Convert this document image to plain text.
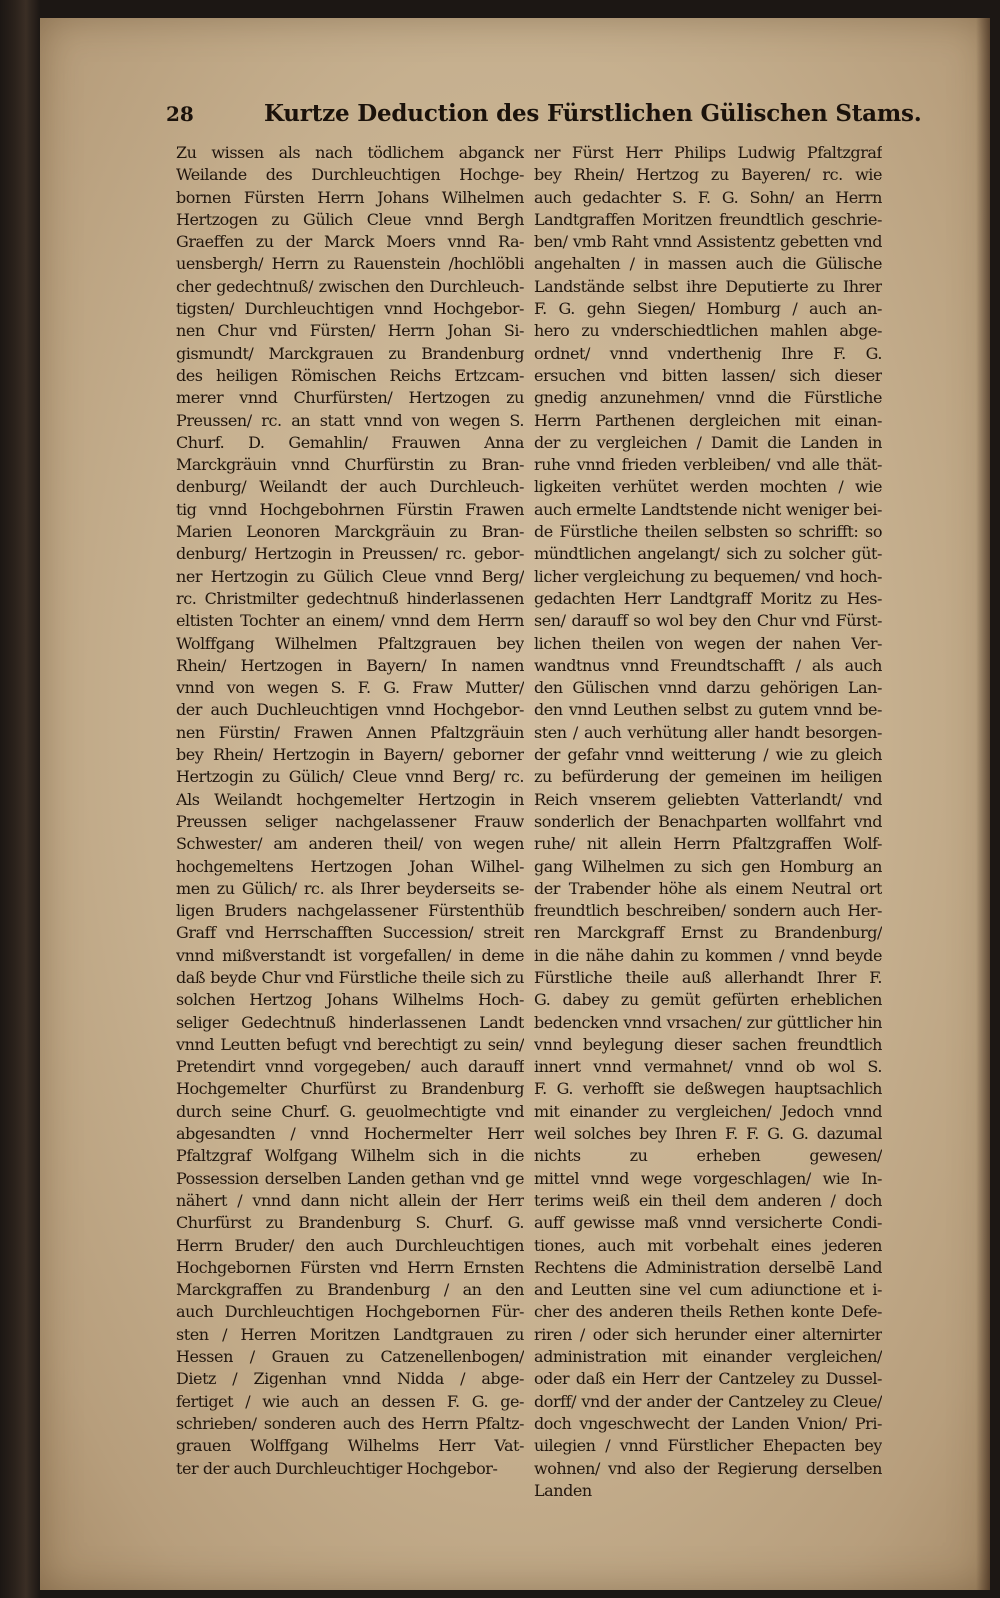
28	Kurtze Deduction des Fürstlichen Gülischen Stams.
Zu wissen als nach tödlichem abganck
Weilande des Durchleuchtigen Hochge-
bornen Fürsten Herrn Johans Wilhelmen
Hertzogen zu Gülich Cleue vnnd Bergh
Graeffen zu der Marck Moers vnnd Ra-
uensbergh/ Herrn zu Rauenstein /hochlöbli
cher gedechtnuß/ zwischen den Durchleuch-
tigsten/ Durchleuchtigen vnnd Hochgebor-
nen Chur vnd Fürsten/ Herrn Johan Si-
gismundt/ Marckgrauen zu Brandenburg
des heiligen Römischen Reichs Ertzcam-
merer vnnd Churfürsten/ Hertzogen zu
Preussen/ rc. an statt vnnd von wegen S.
Churf. D. Gemahlin/ Frauwen Anna
Marckgräuin vnnd Churfürstin zu Bran-
denburg/ Weilandt der auch Durchleuch-
tig vnnd Hochgebohrnen Fürstin Frawen
Marien Leonoren Marckgräuin zu Bran-
denburg/ Hertzogin in Preussen/ rc. gebor-
ner Hertzogin zu Gülich Cleue vnnd Berg/
rc. Christmilter gedechtnuß hinderlassenen
eltisten Tochter an einem/ vnnd dem Herrn
Wolffgang Wilhelmen Pfaltzgrauen bey
Rhein/ Hertzogen in Bayern/ In namen
vnnd von wegen S. F. G. Fraw Mutter/
der auch Duchleuchtigen vnnd Hochgebor-
nen Fürstin/ Frawen Annen Pfaltzgräuin
bey Rhein/ Hertzogin in Bayern/ geborner
Hertzogin zu Gülich/ Cleue vnnd Berg/ rc.
Als Weilandt hochgemelter Hertzogin in
Preussen seliger nachgelassener Frauw
Schwester/ am anderen theil/ von wegen
hochgemeltens Hertzogen Johan Wilhel-
men zu Gülich/ rc. als Ihrer beyderseits se-
ligen Bruders nachgelassener Fürstenthüb
Graff vnd Herrschafften Succession/ streit
vnnd mißverstandt ist vorgefallen/ in deme
daß beyde Chur vnd Fürstliche theile sich zu
solchen Hertzog Johans Wilhelms Hoch-
seliger Gedechtnuß hinderlassenen Landt
vnnd Leutten befugt vnd berechtigt zu sein/
Pretendirt vnnd vorgegeben/ auch darauff
Hochgemelter Churfürst zu Brandenburg
durch seine Churf. G. geuolmechtigte vnd
abgesandten / vnnd Hochermelter Herr
Pfaltzgraf Wolfgang Wilhelm sich in die
Possession derselben Landen gethan vnd ge
nähert / vnnd dann nicht allein der Herr
Churfürst zu Brandenburg S. Churf. G.
Herrn Bruder/ den auch Durchleuchtigen
Hochgebornen Fürsten vnd Herrn Ernsten
Marckgraffen zu Brandenburg / an den
auch Durchleuchtigen Hochgebornen Für-
sten / Herren Moritzen Landtgrauen zu
Hessen / Grauen zu Catzenellenbogen/
Dietz / Zigenhan vnnd Nidda / abge-
fertiget / wie auch an dessen F. G. ge-
schrieben/ sonderen auch des Herrn Pfaltz-
grauen Wolffgang Wilhelms Herr Vat-
ter der auch Durchleuchtiger Hochgebor-
ner Fürst Herr Philips Ludwig Pfaltzgraf
bey Rhein/ Hertzog zu Bayeren/ rc. wie
auch gedachter S. F. G. Sohn/ an Herrn
Landtgraffen Moritzen freundtlich geschrie-
ben/ vmb Raht vnnd Assistentz gebetten vnd
angehalten / in massen auch die Gülische
Landstände selbst ihre Deputierte zu Ihrer
F. G. gehn Siegen/ Homburg / auch an-
hero zu vnderschiedtlichen mahlen abge-
ordnet/ vnnd vnderthenig Ihre F. G.
ersuchen vnd bitten lassen/ sich dieser
gnedig anzunehmen/ vnnd die Fürstliche
Herrn Parthenen dergleichen mit einan-
der zu vergleichen / Damit die Landen in
ruhe vnnd frieden verbleiben/ vnd alle thät-
ligkeiten verhütet werden mochten / wie
auch ermelte Landtstende nicht weniger bei-
de Fürstliche theilen selbsten so schrifft: so
mündtlichen angelangt/ sich zu solcher güt-
licher vergleichung zu bequemen/ vnd hoch-
gedachten Herr Landtgraff Moritz zu Hes-
sen/ darauff so wol bey den Chur vnd Fürst-
lichen theilen von wegen der nahen Ver-
wandtnus vnnd Freundtschafft / als auch
den Gülischen vnnd darzu gehörigen Lan-
den vnnd Leuthen selbst zu gutem vnnd be-
sten / auch verhütung aller handt besorgen-
der gefahr vnnd weitterung / wie zu gleich
zu befürderung der gemeinen im heiligen
Reich vnserem geliebten Vatterlandt/ vnd
sonderlich der Benachparten wollfahrt vnd
ruhe/ nit allein Herrn Pfaltzgraffen Wolf-
gang Wilhelmen zu sich gen Homburg an
der Trabender höhe als einem Neutral ort
freundtlich beschreiben/ sondern auch Her-
ren Marckgraff Ernst zu Brandenburg/
in die nähe dahin zu kommen / vnnd beyde
Fürstliche theile auß allerhandt Ihrer F.
G. dabey zu gemüt gefürten erheblichen
bedencken vnnd vrsachen/ zur güttlicher hin
vnnd beylegung dieser sachen freundtlich
innert vnnd vermahnet/ vnnd ob wol S.
F. G. verhofft sie deßwegen hauptsachlich
mit einander zu vergleichen/ Jedoch vnnd
weil solches bey Ihren F. F. G. G. dazumal
nichts zu erheben gewesen/
mittel vnnd wege vorgeschlagen/ wie In-
terims weiß ein theil dem anderen / doch
auff gewisse maß vnnd versicherte Condi-
tiones, auch mit vorbehalt eines jederen
Rechtens die Administration derselbē Land
and Leutten sine vel cum adiunctione et i-
cher des anderen theils Rethen konte Defe-
riren / oder sich herunder einer alternirter
administration mit einander vergleichen/
oder daß ein Herr der Cantzeley zu Dussel-
dorff/ vnd der ander der Cantzeley zu Cleue/
doch vngeschwecht der Landen Vnion/ Pri-
uilegien / vnnd Fürstlicher Ehepacten bey
wohnen/ vnd also der Regierung derselben
Landen
